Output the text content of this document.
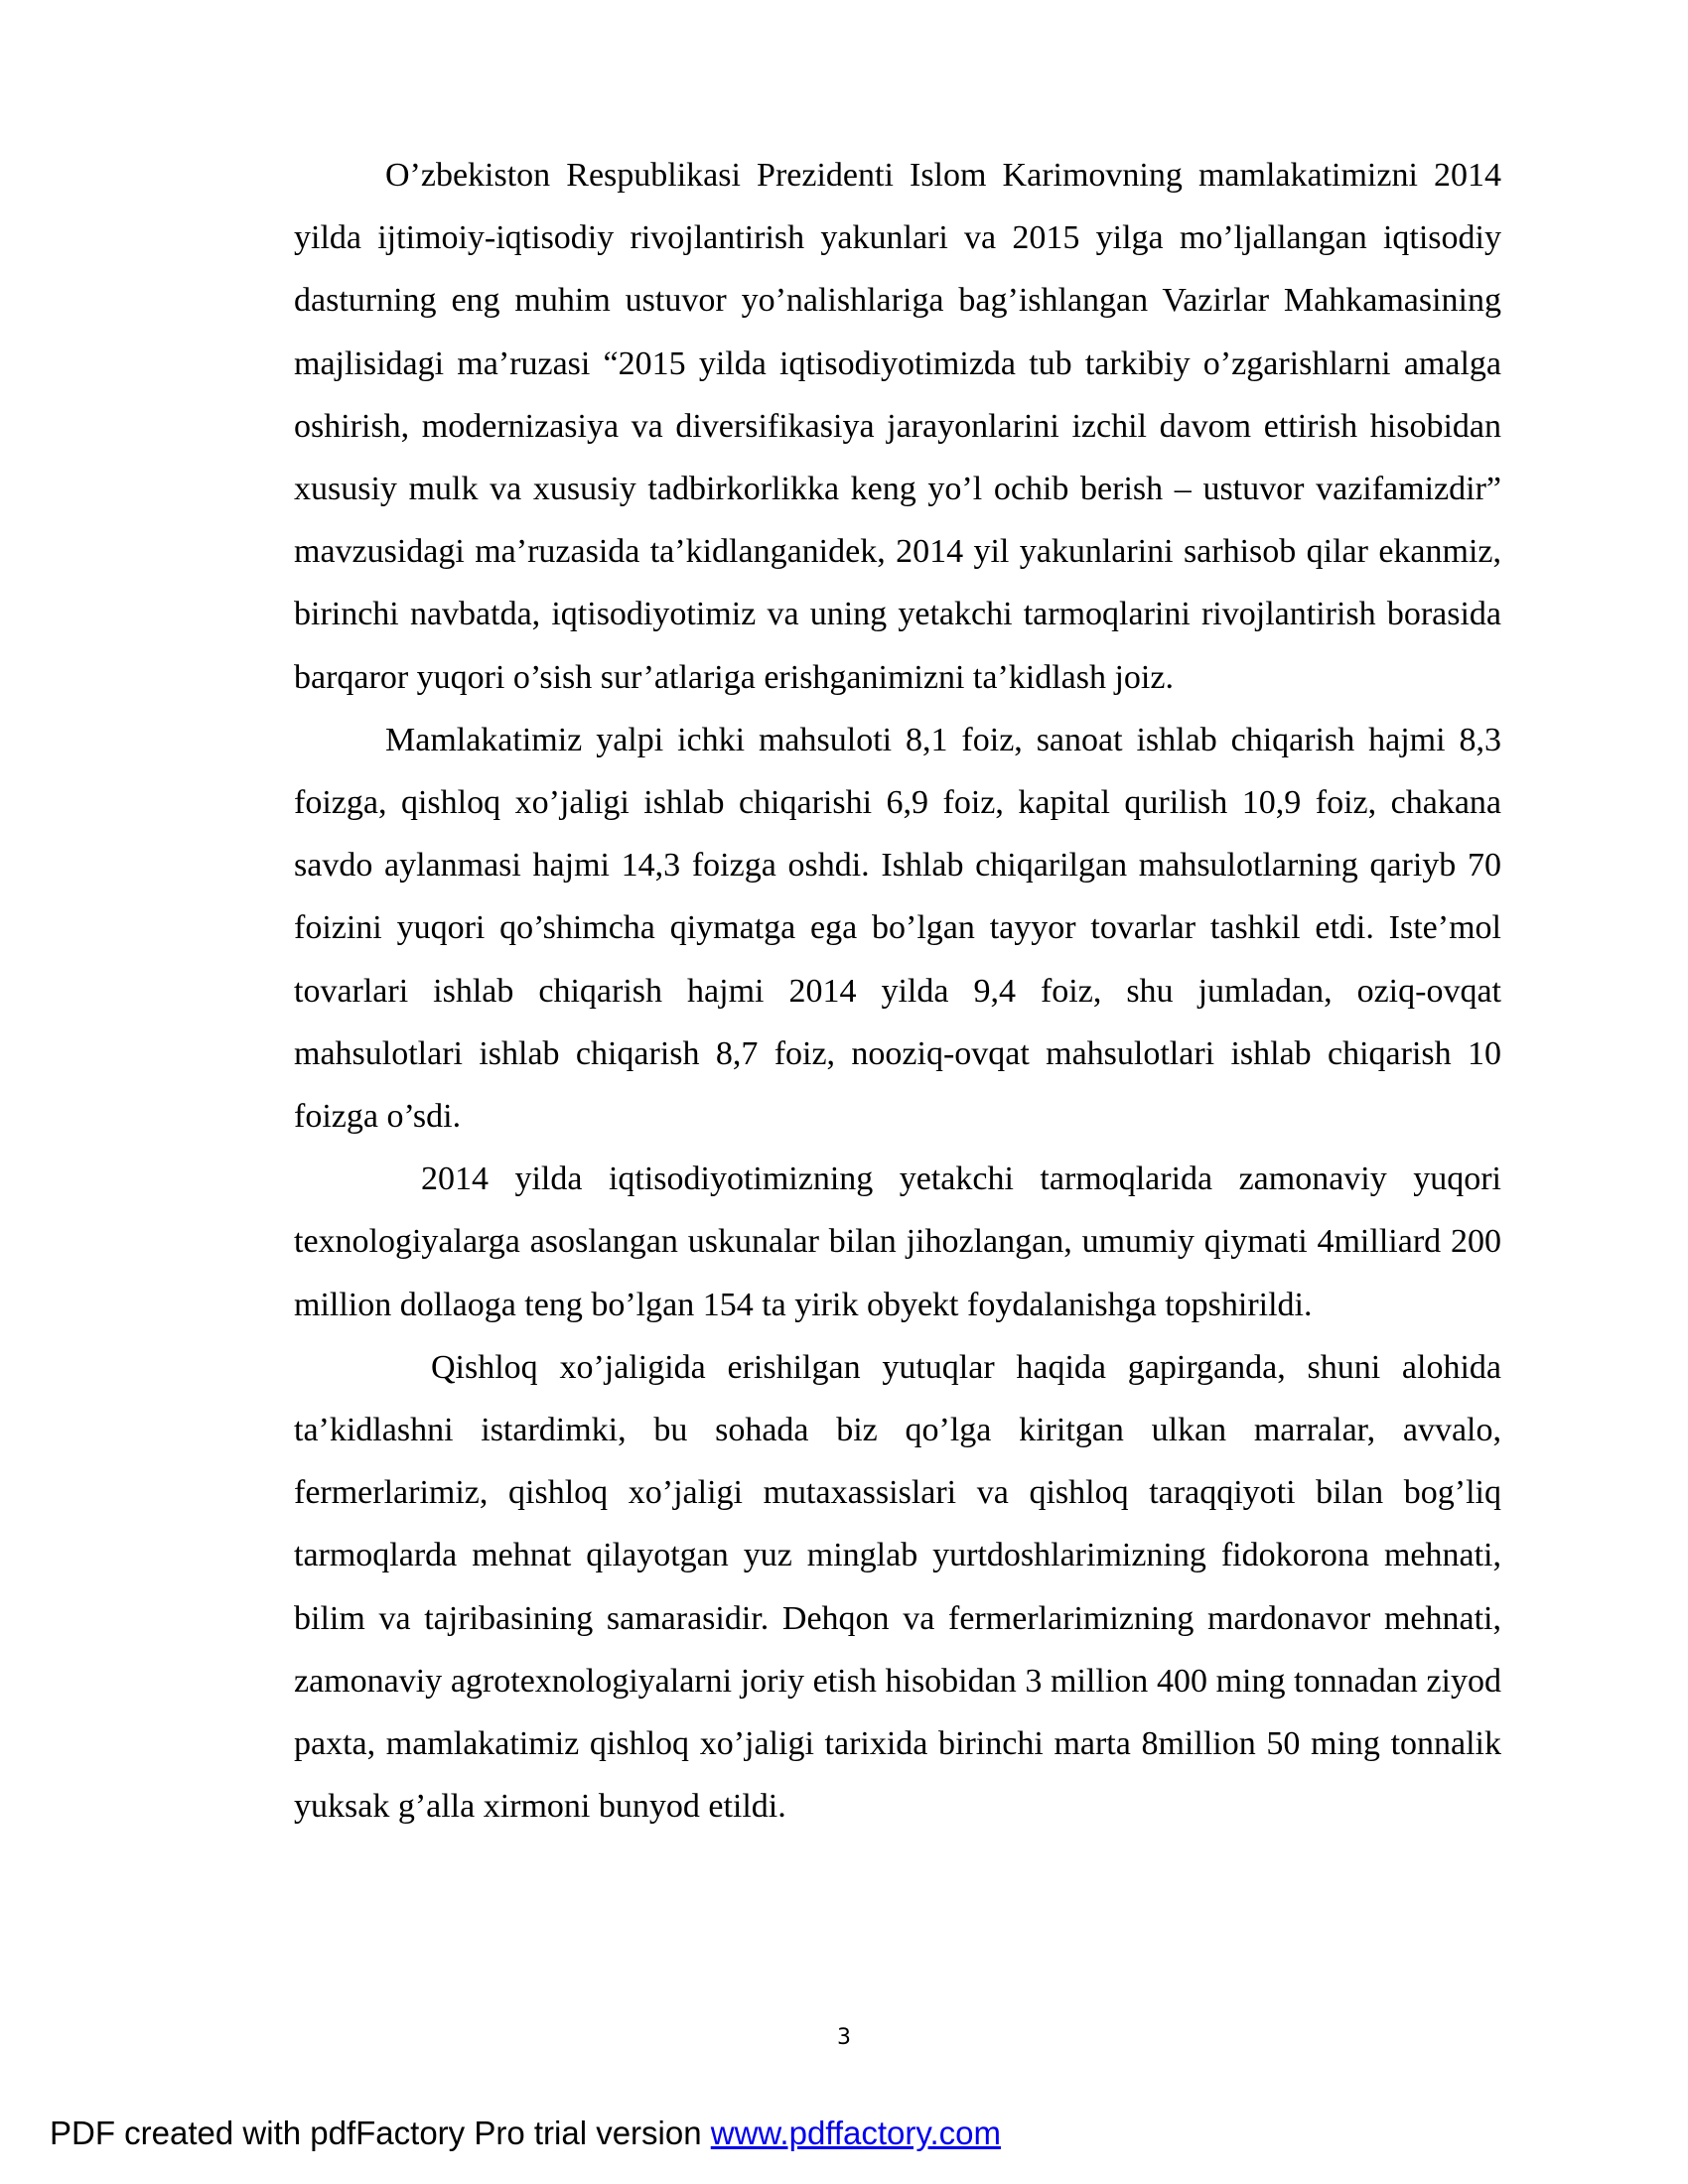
O’zbekiston Respublikasi Prezidenti Islom Karimovning mamlakatimizni 2014 yilda ijtimoiy-iqtisodiy rivojlantirish yakunlari va 2015 yilga mo’ljallangan iqtisodiy dasturning eng muhim ustuvor yo’nalishlariga bag’ishlangan Vazirlar Mahkamasining majlisidagi ma’ruzasi “2015 yilda iqtisodiyotimizda tub tarkibiy o’zgarishlarni amalga oshirish, modernizasiya va diversifikasiya jarayonlarini izchil davom ettirish hisobidan xususiy mulk va xususiy tadbirkorlikka keng yo’l ochib berish – ustuvor vazifamizdir” mavzusidagi ma’ruzasida ta’kidlanganidek, 2014 yil yakunlarini sarhisob qilar ekanmiz, birinchi navbatda, iqtisodiyotimiz va uning yetakchi tarmoqlarini rivojlantirish borasida barqaror yuqori o’sish sur’atlariga erishganimizni ta’kidlash joiz.

Mamlakatimiz yalpi ichki mahsuloti 8,1 foiz, sanoat ishlab chiqarish hajmi 8,3 foizga, qishloq xo’jaligi ishlab chiqarishi 6,9 foiz, kapital qurilish 10,9 foiz, chakana savdo aylanmasi hajmi 14,3 foizga oshdi. Ishlab chiqarilgan mahsulotlarning qariyb 70 foizini yuqori qo’shimcha qiymatga ega bo’lgan tayyor tovarlar tashkil etdi. Iste’mol tovarlari ishlab chiqarish hajmi 2014 yilda 9,4 foiz, shu jumladan, oziq-ovqat mahsulotlari ishlab chiqarish 8,7 foiz, nooziq-ovqat mahsulotlari ishlab chiqarish 10 foizga o’sdi.

2014 yilda iqtisodiyotimizning yetakchi tarmoqlarida zamonaviy yuqori texnologiyalarga asoslangan uskunalar bilan jihozlangan, umumiy qiymati 4milliard 200 million dollaoga teng bo’lgan 154 ta yirik obyekt foydalanishga topshirildi.

Qishloq xo’jaligida erishilgan yutuqlar haqida gapirganda, shuni alohida ta’kidlashni istardimki, bu sohada biz qo’lga kiritgan ulkan marralar, avvalo, fermerlarimiz, qishloq xo’jaligi mutaxassislari va qishloq taraqqiyoti bilan bog’liq tarmoqlarda mehnat qilayotgan yuz minglab yurtdoshlarimizning fidokorona mehnati, bilim va tajribasining samarasidir. Dehqon va fermerlarimizning mardonavor mehnati, zamonaviy agrotexnologiyalarni joriy etish hisobidan 3 million 400 ming tonnadan ziyod paxta, mamlakatimiz qishloq xo’jaligi tarixida birinchi marta 8million 50 ming tonnalik yuksak g’alla xirmoni bunyod etildi.

3
PDF created with pdfFactory Pro trial version www.pdffactory.com
